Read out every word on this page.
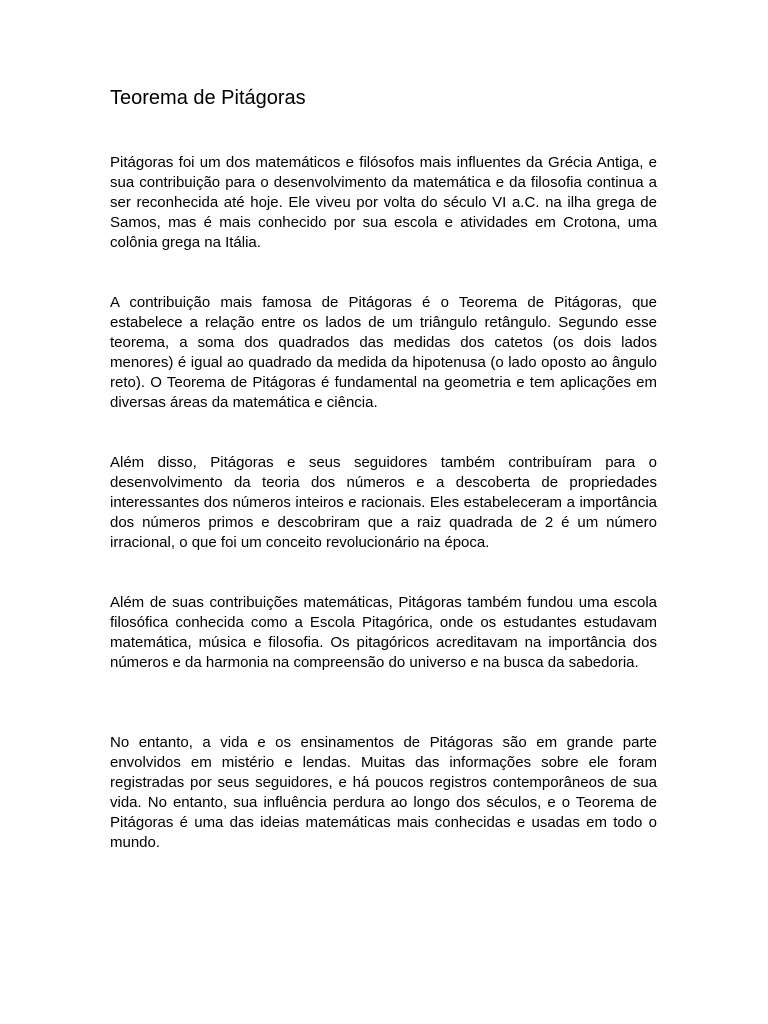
Teorema de Pitágoras

Pitágoras foi um dos matemáticos e filósofos mais influentes da Grécia Antiga, e sua contribuição para o desenvolvimento da matemática e da filosofia continua a ser reconhecida até hoje. Ele viveu por volta do século VI a.C. na ilha grega de Samos, mas é mais conhecido por sua escola e atividades em Crotona, uma colônia grega na Itália.

A contribuição mais famosa de Pitágoras é o Teorema de Pitágoras, que estabelece a relação entre os lados de um triângulo retângulo. Segundo esse teorema, a soma dos quadrados das medidas dos catetos (os dois lados menores) é igual ao quadrado da medida da hipotenusa (o lado oposto ao ângulo reto). O Teorema de Pitágoras é fundamental na geometria e tem aplicações em diversas áreas da matemática e ciência.

Além disso, Pitágoras e seus seguidores também contribuíram para o desenvolvimento da teoria dos números e a descoberta de propriedades interessantes dos números inteiros e racionais. Eles estabeleceram a importância dos números primos e descobriram que a raiz quadrada de 2 é um número irracional, o que foi um conceito revolucionário na época.

Além de suas contribuições matemáticas, Pitágoras também fundou uma escola filosófica conhecida como a Escola Pitagórica, onde os estudantes estudavam matemática, música e filosofia. Os pitagóricos acreditavam na importância dos números e da harmonia na compreensão do universo e na busca da sabedoria.

No entanto, a vida e os ensinamentos de Pitágoras são em grande parte envolvidos em mistério e lendas. Muitas das informações sobre ele foram registradas por seus seguidores, e há poucos registros contemporâneos de sua vida. No entanto, sua influência perdura ao longo dos séculos, e o Teorema de Pitágoras é uma das ideias matemáticas mais conhecidas e usadas em todo o mundo.
